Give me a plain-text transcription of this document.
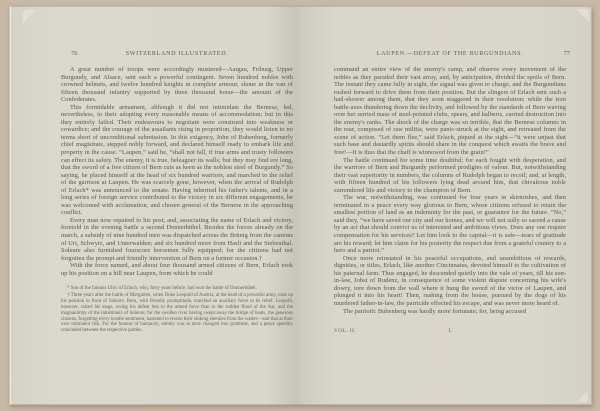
76	SWITZERLAND ILLUSTRATED.

A great number of troops were accordingly mustered—Aargau, Friburg, Upper Burgundy, and Alsace, sent each a powerful contingent. Seven hundred nobles with crowned helmets, and twelve hundred knights in complete armour, shone in the van of fifteen thousand infantry supported by three thousand horse—the amount of the Confederates.

This formidable armament, although it did not intimidate the Bernese, led, nevertheless, to their adopting every reasonable means of accommodation; but in this they entirely failed. Their endeavours to negotiate were construed into weakness or cowardice; and the courage of the assailants rising in proportion, they would listen to no terms short of unconditional submission. In this exigency, John of Bubenberg, formerly chief magistrate, stepped nobly forward, and declared himself ready to embark life and property in the cause. “Laupen,” said he, “shall not fall, if true arms and trusty followers can effect its safety. The enemy, it is true, beleaguer its walls; but they may find ere long, that the sword of a free citizen of Bern cuts as keen as the noblest steel of Burgundy.” So saying, he placed himself at the head of six hundred warriors, and marched to the relief of the garrison at Laupen. He was scarcely gone, however, when the arrival of Rudolph of Erlach* was announced to the senate. Having inherited his father's talents, and in a long series of foreign service contributed to the victory in six different engagements, he was welcomed with acclamation, and chosen general of the Bernese in the approaching conflict.

Every man now repaired to his post; and, associating the name of Erlach and victory, foretold in the evening battle a second Donnerbühel. Besides the forces already on the march, a subsidy of nine hundred men was dispatched across the Brünig from the cantons of Uri, Schwytz, and Unterwalden; and six hundred more from Hasli and the Siebenthal. Soleure also furnished fourscore horsemen fully equipped; for the citizens had not forgotten the prompt and friendly intervention of Bern on a former occasion.†

With the force named, and about four thousand armed citizens of Bern, Erlach took up his position on a hill near Laupen, from which he could

* Son of the famous Ulric of Erlach, who, forty years before, had won the battle of Donnerbühel.

† Three years after the battle of Morgarten, when Duke Leopold of Austria, at the head of a powerful army, took up his position in front of Soleure, Bern, with friendly promptitude, marched an auxiliary force to its relief. Leopold, however, raised his siege, owing his defeat less to the armed force than to the sudden flood of the Aar, and the magnanimity of the inhabitants of Soleure; for the swollen river having swept away the bridge of boats, the generous citizens, forgetting every hostile sentiment, hastened to rescue their sinking enemies from the waters—and that at their own imminent risk. For the honour of humanity, enmity was at once changed into gratitude, and a peace speedily concluded between the respective parties.

LAUPEN.—DEFEAT OF THE BURGUNDIANS.	77

command an entire view of the enemy's camp, and observe every movement of the nobles as they paraded their vast array, and, by anticipation, divided the spoils of Bern. The instant they came fully in sight, the signal was given to charge, and the Burgundians rushed forward to drive them from their position. But the slingers of Erlach sent such a hail-shower among them, that they soon staggered in their resolution; while the iron battle-axes thundering down the declivity, and followed by the standards of Bern waving over her serried mass of steel-pointed clubs, spears, and halberts, carried destruction into the enemy's ranks. The shock of the charge was so terrible, that the Bernese columns in the rear, composed of raw militia, were panic-struck at the sight, and retreated from the scene of action. “Let them flee,” said Erlach, piqued at the sight—“it were unjust that such base and dastardly spirits should share in the conquest which awaits the brave and free!—It is thus that the chaff is winnowed from the grain!”

The battle continued for some time doubtful; for each fought with desperation, and the warriors of Bern and Burgundy performed prodigies of valour. But, notwithstanding their vast superiority in numbers, the columns of Rudolph began to recoil; and, at length, with fifteen hundred of his followers lying dead around him, that chivalrous noble surrendered life and victory to the champion of Bern.

The war, notwithstanding, was continued for four years in skirmishes, and then terminated in a peace every way glorious to Bern, whose citizens refused to retain the smallest portion of land as an indemnity for the past, or guarantee for the future. “No,” said they, “we have saved our city and our homes, and we will not sully so sacred a cause by an act that should convict us of interested and ambitious views. Does any one require compensation for his services? Let him look to the capital—it is safe—tears of gratitude are his reward; let him claim for his posterity the respect due from a grateful country to a hero and a patriot.”

Once more reinstated in his peaceful occupations, and unambitious of rewards, dignities, or titles, Erlach, like another Cincinnatus, devoted himself to the cultivation of his paternal farm. Thus engaged, he descended quietly into the vale of years, till his son-in-law, Jobst of Rudenz, in consequence of some violent dispute concerning his wife's dowry, tore down from the wall where it hung the sword of the victor of Laupen, and plunged it into his heart! Then, rushing from the house, pursued by the dogs of his murdered father-in-law, the parricide effected his escape, and was never more heard of.

The patriotic Bubenberg was hardly more fortunate; for, being accused

VOL. II.	L
